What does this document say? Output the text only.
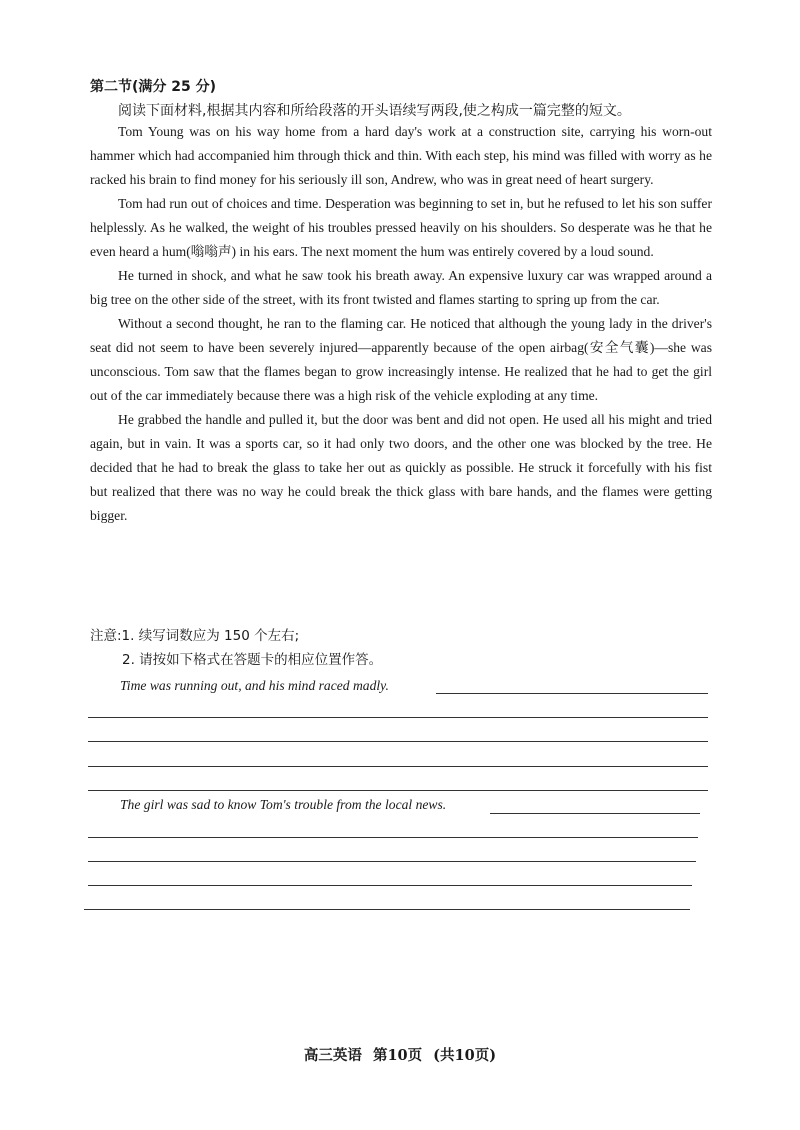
第二节(满分 25 分)
阅读下面材料,根据其内容和所给段落的开头语续写两段,使之构成一篇完整的短文。

Tom Young was on his way home from a hard day's work at a construction site, carrying his worn-out hammer which had accompanied him through thick and thin. With each step, his mind was filled with worry as he racked his brain to find money for his seriously ill son, Andrew, who was in great need of heart surgery.

Tom had run out of choices and time. Desperation was beginning to set in, but he refused to let his son suffer helplessly. As he walked, the weight of his troubles pressed heavily on his shoulders. So desperate was he that he even heard a hum(嗡嗡声) in his ears. The next moment the hum was entirely covered by a loud sound.

He turned in shock, and what he saw took his breath away. An expensive luxury car was wrapped around a big tree on the other side of the street, with its front twisted and flames starting to spring up from the car.

Without a second thought, he ran to the flaming car. He noticed that although the young lady in the driver's seat did not seem to have been severely injured—apparently because of the open airbag(安全气囊)—she was unconscious. Tom saw that the flames began to grow increasingly intense. He realized that he had to get the girl out of the car immediately because there was a high risk of the vehicle exploding at any time.

He grabbed the handle and pulled it, but the door was bent and did not open. He used all his might and tried again, but in vain. It was a sports car, so it had only two doors, and the other one was blocked by the tree. He decided that he had to break the glass to take her out as quickly as possible. He struck it forcefully with his fist but realized that there was no way he could break the thick glass with bare hands, and the flames were getting bigger.

注意:1. 续写词数应为 150 个左右;
2. 请按如下格式在答题卡的相应位置作答。
Time was running out, and his mind raced madly.
The girl was sad to know Tom's trouble from the local news.
高三英语 第10页 (共10页)
